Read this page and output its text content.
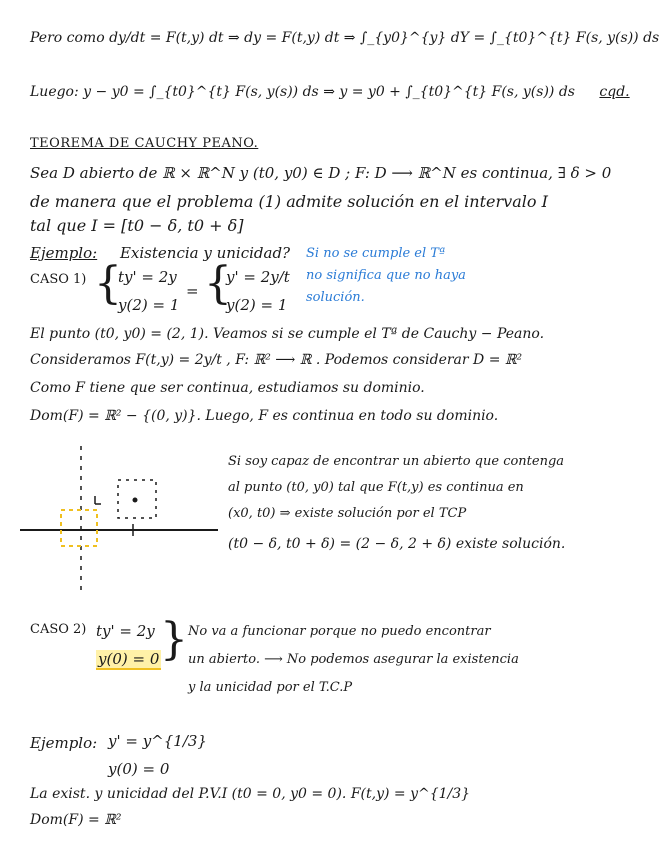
Pero como dy/dt = F(t,y) dt ⇒ dy = F(t,y) dt ⇒ ∫_{y0}^{y} dY = ∫_{t0}^{t} F(s, y(s)) ds
Luego: y − y0 = ∫_{t0}^{t} F(s, y(s)) ds ⇒ y = y0 + ∫_{t0}^{t} F(s, y(s)) ds cqd.
TEOREMA DE CAUCHY PEANO.
Sea D abierto de ℝ × ℝ^N y (t0, y0) ∈ D ; F: D ⟶ ℝ^N es continua, ∃ δ > 0
de manera que el problema (1) admite solución en el intervalo I
tal que I = [t0 − δ, t0 + δ]
Ejemplo: Existencia y unicidad?
CASO 1) {
ty' = 2y
y(2) = 1
= {
y' = 2y/t
y(2) = 1
Si no se cumple el Tª
no significa que no haya
solución.
El punto (t0, y0) = (2, 1). Veamos si se cumple el Tª de Cauchy − Peano.
Consideramos F(t,y) = 2y/t , F: ℝ² ⟶ ℝ . Podemos considerar D = ℝ²
Como F tiene que ser continua, estudiamos su dominio.
Dom(F) = ℝ² − {(0, y)}. Luego, F es continua en todo su dominio.
Si soy capaz de encontrar un abierto que contenga
al punto (t0, y0) tal que F(t,y) es continua en
(x0, t0) ⇒ existe solución por el TCP
(t0 − δ, t0 + δ) = (2 − δ, 2 + δ) existe solución.
CASO 2) ty' = 2y
y(0) = 0 } No va a funcionar porque no puedo encontrar
un abierto. ⟶ No podemos asegurar la existencia
y la unicidad por el T.C.P
Ejemplo: y' = y^{1/3}
y(0) = 0
La exist. y unicidad del P.V.I (t0 = 0, y0 = 0). F(t,y) = y^{1/3}
Dom(F) = ℝ²
